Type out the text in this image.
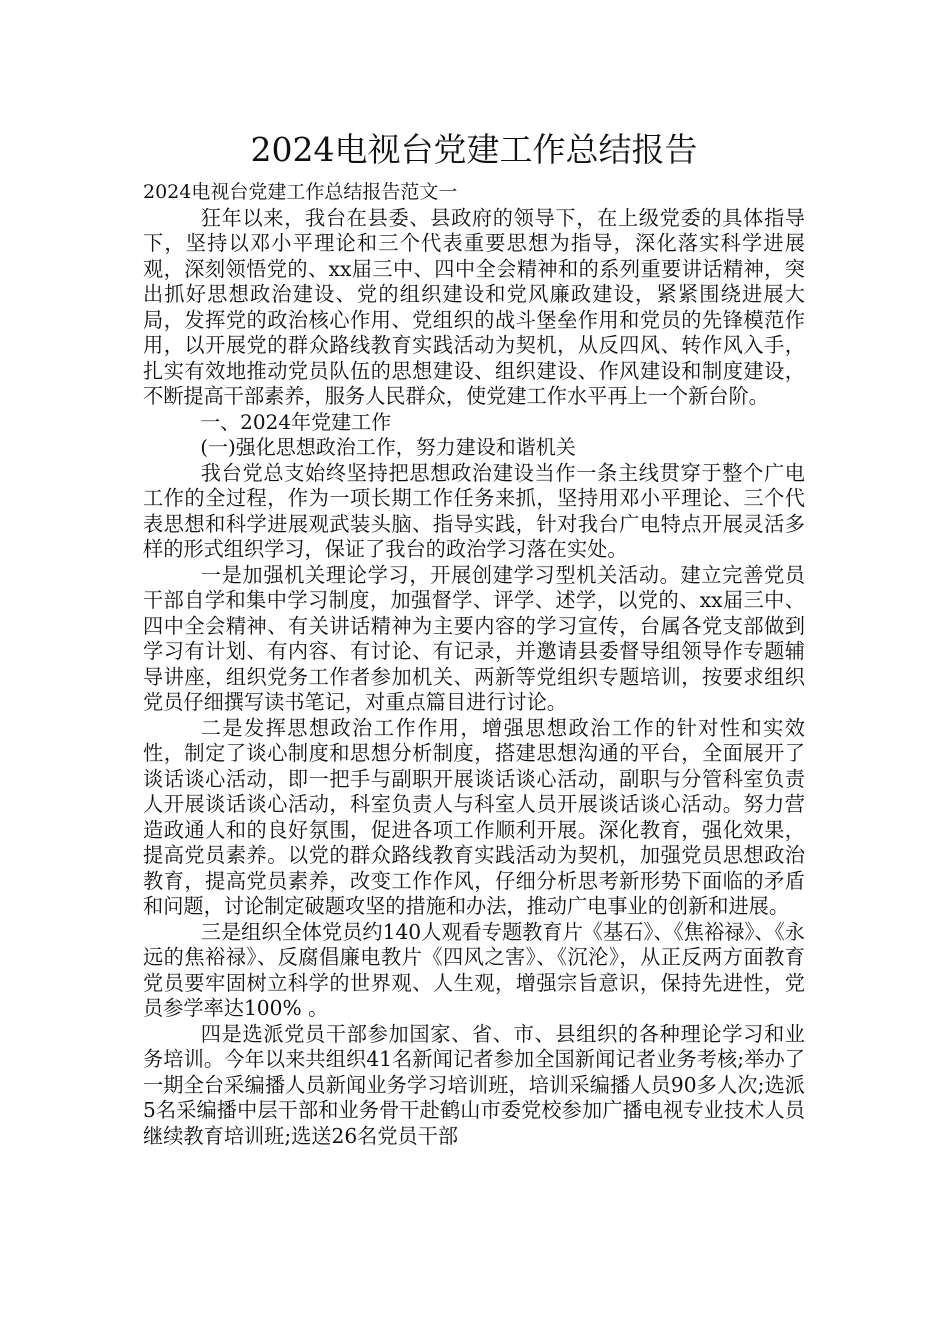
2024电视台党建工作总结报告

2024电视台党建工作总结报告范文一

狂年以来，我台在县委、县政府的领导下，在上级党委的具体指导下，坚持以邓小平理论和三个代表重要思想为指导，深化落实科学进展观，深刻领悟党的、xx届三中、四中全会精神和的系列重要讲话精神，突出抓好思想政治建设、党的组织建设和党风廉政建设，紧紧围绕进展大局，发挥党的政治核心作用、党组织的战斗堡垒作用和党员的先锋模范作用，以开展党的群众路线教育实践活动为契机，从反四风、转作风入手，扎实有效地推动党员队伍的思想建设、组织建设、作风建设和制度建设，不断提高干部素养，服务人民群众，使党建工作水平再上一个新台阶。

一、2024年党建工作

(一)强化思想政治工作，努力建设和谐机关

我台党总支始终坚持把思想政治建设当作一条主线贯穿于整个广电工作的全过程，作为一项长期工作任务来抓，坚持用邓小平理论、三个代表思想和科学进展观武装头脑、指导实践，针对我台广电特点开展灵活多样的形式组织学习，保证了我台的政治学习落在实处。

一是加强机关理论学习，开展创建学习型机关活动。建立完善党员干部自学和集中学习制度，加强督学、评学、述学，以党的、xx届三中、四中全会精神、有关讲话精神为主要内容的学习宣传，台属各党支部做到学习有计划、有内容、有讨论、有记录，并邀请县委督导组领导作专题辅导讲座，组织党务工作者参加机关、两新等党组织专题培训，按要求组织党员仔细撰写读书笔记，对重点篇目进行讨论。

二是发挥思想政治工作作用，增强思想政治工作的针对性和实效性，制定了谈心制度和思想分析制度，搭建思想沟通的平台，全面展开了谈话谈心活动，即一把手与副职开展谈话谈心活动，副职与分管科室负责人开展谈话谈心活动，科室负责人与科室人员开展谈话谈心活动。努力营造政通人和的良好氛围，促进各项工作顺利开展。深化教育，强化效果，提高党员素养。以党的群众路线教育实践活动为契机，加强党员思想政治教育，提高党员素养，改变工作作风，仔细分析思考新形势下面临的矛盾和问题，讨论制定破题攻坚的措施和办法，推动广电事业的创新和进展。

三是组织全体党员约140人观看专题教育片《基石》、《焦裕禄》、《永远的焦裕禄》、反腐倡廉电教片《四风之害》、《沉沦》，从正反两方面教育党员要牢固树立科学的世界观、人生观，增强宗旨意识，保持先进性，党员参学率达100% 。

四是选派党员干部参加国家、省、市、县组织的各种理论学习和业务培训。今年以来共组织41名新闻记者参加全国新闻记者业务考核;举办了一期全台采编播人员新闻业务学习培训班，培训采编播人员90多人次;选派5名采编播中层干部和业务骨干赴鹤山市委党校参加广播电视专业技术人员继续教育培训班;选送26名党员干部
